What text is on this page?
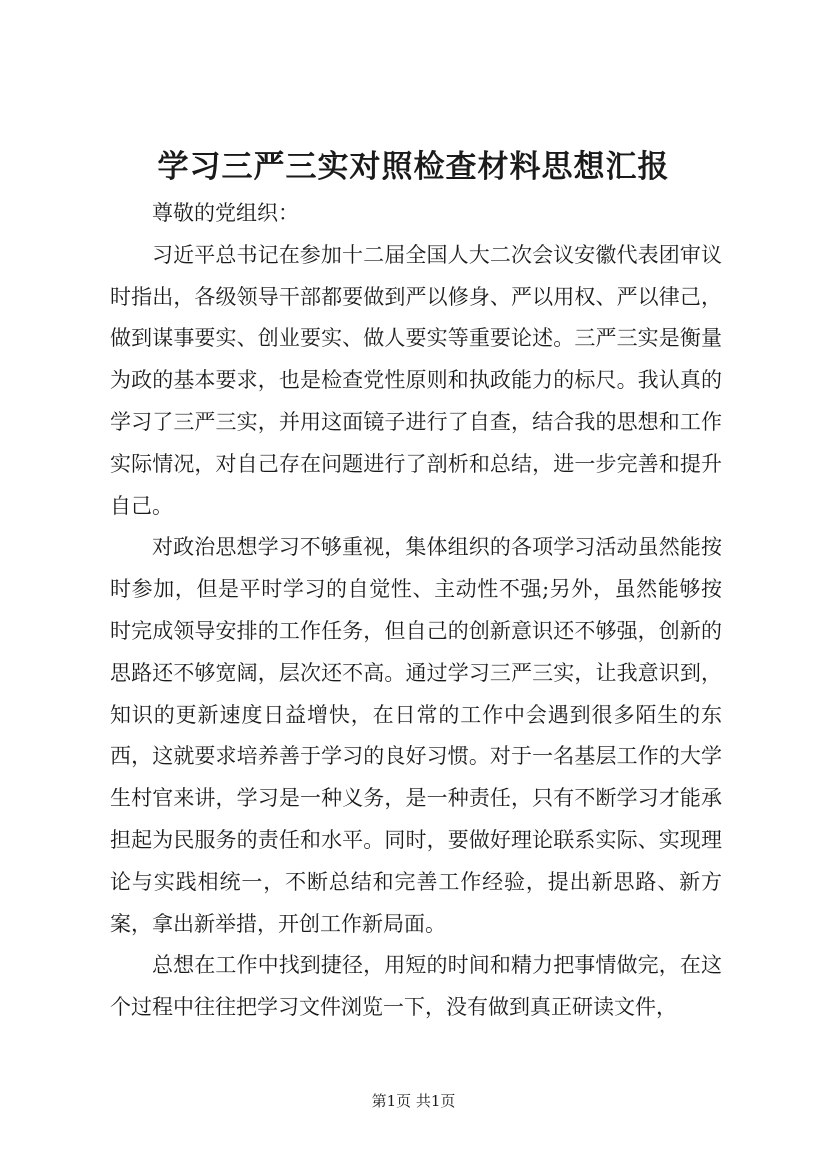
学习三严三实对照检查材料思想汇报

尊敬的党组织：

习近平总书记在参加十二届全国人大二次会议安徽代表团审议时指出，各级领导干部都要做到严以修身、严以用权、严以律己，做到谋事要实、创业要实、做人要实等重要论述。三严三实是衡量为政的基本要求，也是检查党性原则和执政能力的标尺。我认真的学习了三严三实，并用这面镜子进行了自查，结合我的思想和工作实际情况，对自己存在问题进行了剖析和总结，进一步完善和提升自己。

对政治思想学习不够重视，集体组织的各项学习活动虽然能按时参加，但是平时学习的自觉性、主动性不强;另外，虽然能够按时完成领导安排的工作任务，但自己的创新意识还不够强，创新的思路还不够宽阔，层次还不高。通过学习三严三实，让我意识到，知识的更新速度日益增快，在日常的工作中会遇到很多陌生的东西，这就要求培养善于学习的良好习惯。对于一名基层工作的大学生村官来讲，学习是一种义务，是一种责任，只有不断学习才能承担起为民服务的责任和水平。同时，要做好理论联系实际、实现理论与实践相统一，不断总结和完善工作经验，提出新思路、新方案，拿出新举措，开创工作新局面。

总想在工作中找到捷径，用短的时间和精力把事情做完，在这个过程中往往把学习文件浏览一下，没有做到真正研读文件，

第1页 共1页
